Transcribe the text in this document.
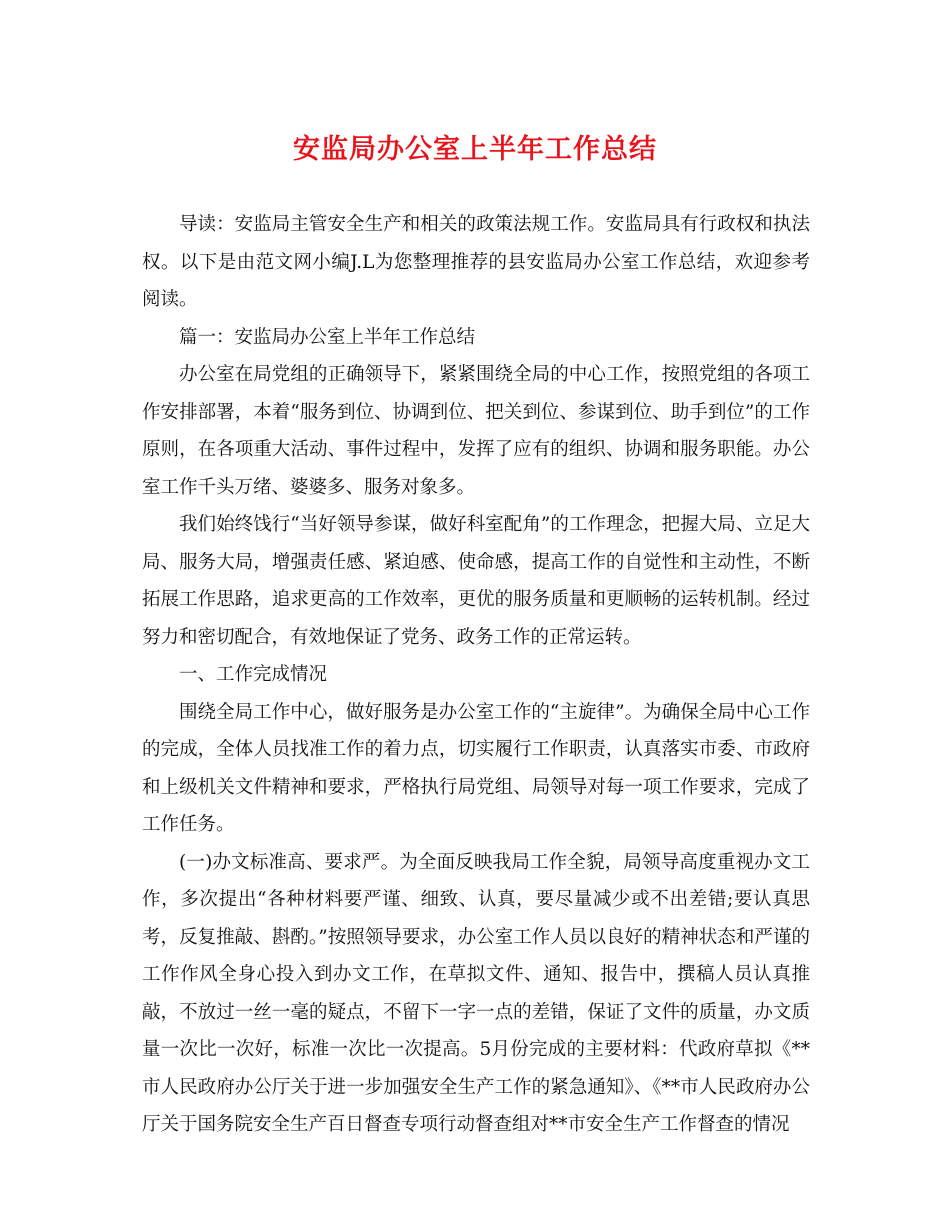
安监局办公室上半年工作总结

导读：安监局主管安全生产和相关的政策法规工作。安监局具有行政权和执法权。以下是由范文网小编J.L为您整理推荐的县安监局办公室工作总结，欢迎参考阅读。

篇一：安监局办公室上半年工作总结

办公室在局党组的正确领导下，紧紧围绕全局的中心工作，按照党组的各项工作安排部署，本着“服务到位、协调到位、把关到位、参谋到位、助手到位”的工作原则，在各项重大活动、事件过程中，发挥了应有的组织、协调和服务职能。办公室工作千头万绪、婆婆多、服务对象多。

我们始终饯行“当好领导参谋，做好科室配角”的工作理念，把握大局、立足大局、服务大局，增强责任感、紧迫感、使命感，提高工作的自觉性和主动性，不断拓展工作思路，追求更高的工作效率，更优的服务质量和更顺畅的运转机制。经过努力和密切配合，有效地保证了党务、政务工作的正常运转。

一、工作完成情况

围绕全局工作中心，做好服务是办公室工作的“主旋律”。为确保全局中心工作的完成，全体人员找准工作的着力点，切实履行工作职责，认真落实市委、市政府和上级机关文件精神和要求，严格执行局党组、局领导对每一项工作要求，完成了工作任务。

(一)办文标准高、要求严。为全面反映我局工作全貌，局领导高度重视办文工作，多次提出“各种材料要严谨、细致、认真，要尽量减少或不出差错;要认真思考，反复推敲、斟酌。”按照领导要求，办公室工作人员以良好的精神状态和严谨的工作作风全身心投入到办文工作，在草拟文件、通知、报告中，撰稿人员认真推敲，不放过一丝一毫的疑点，不留下一字一点的差错，保证了文件的质量，办文质量一次比一次好，标准一次比一次提高。5月份完成的主要材料：代政府草拟《**市人民政府办公厅关于进一步加强安全生产工作的紧急通知》、《**市人民政府办公厅关于国务院安全生产百日督查专项行动督查组对**市安全生产工作督查的情况
